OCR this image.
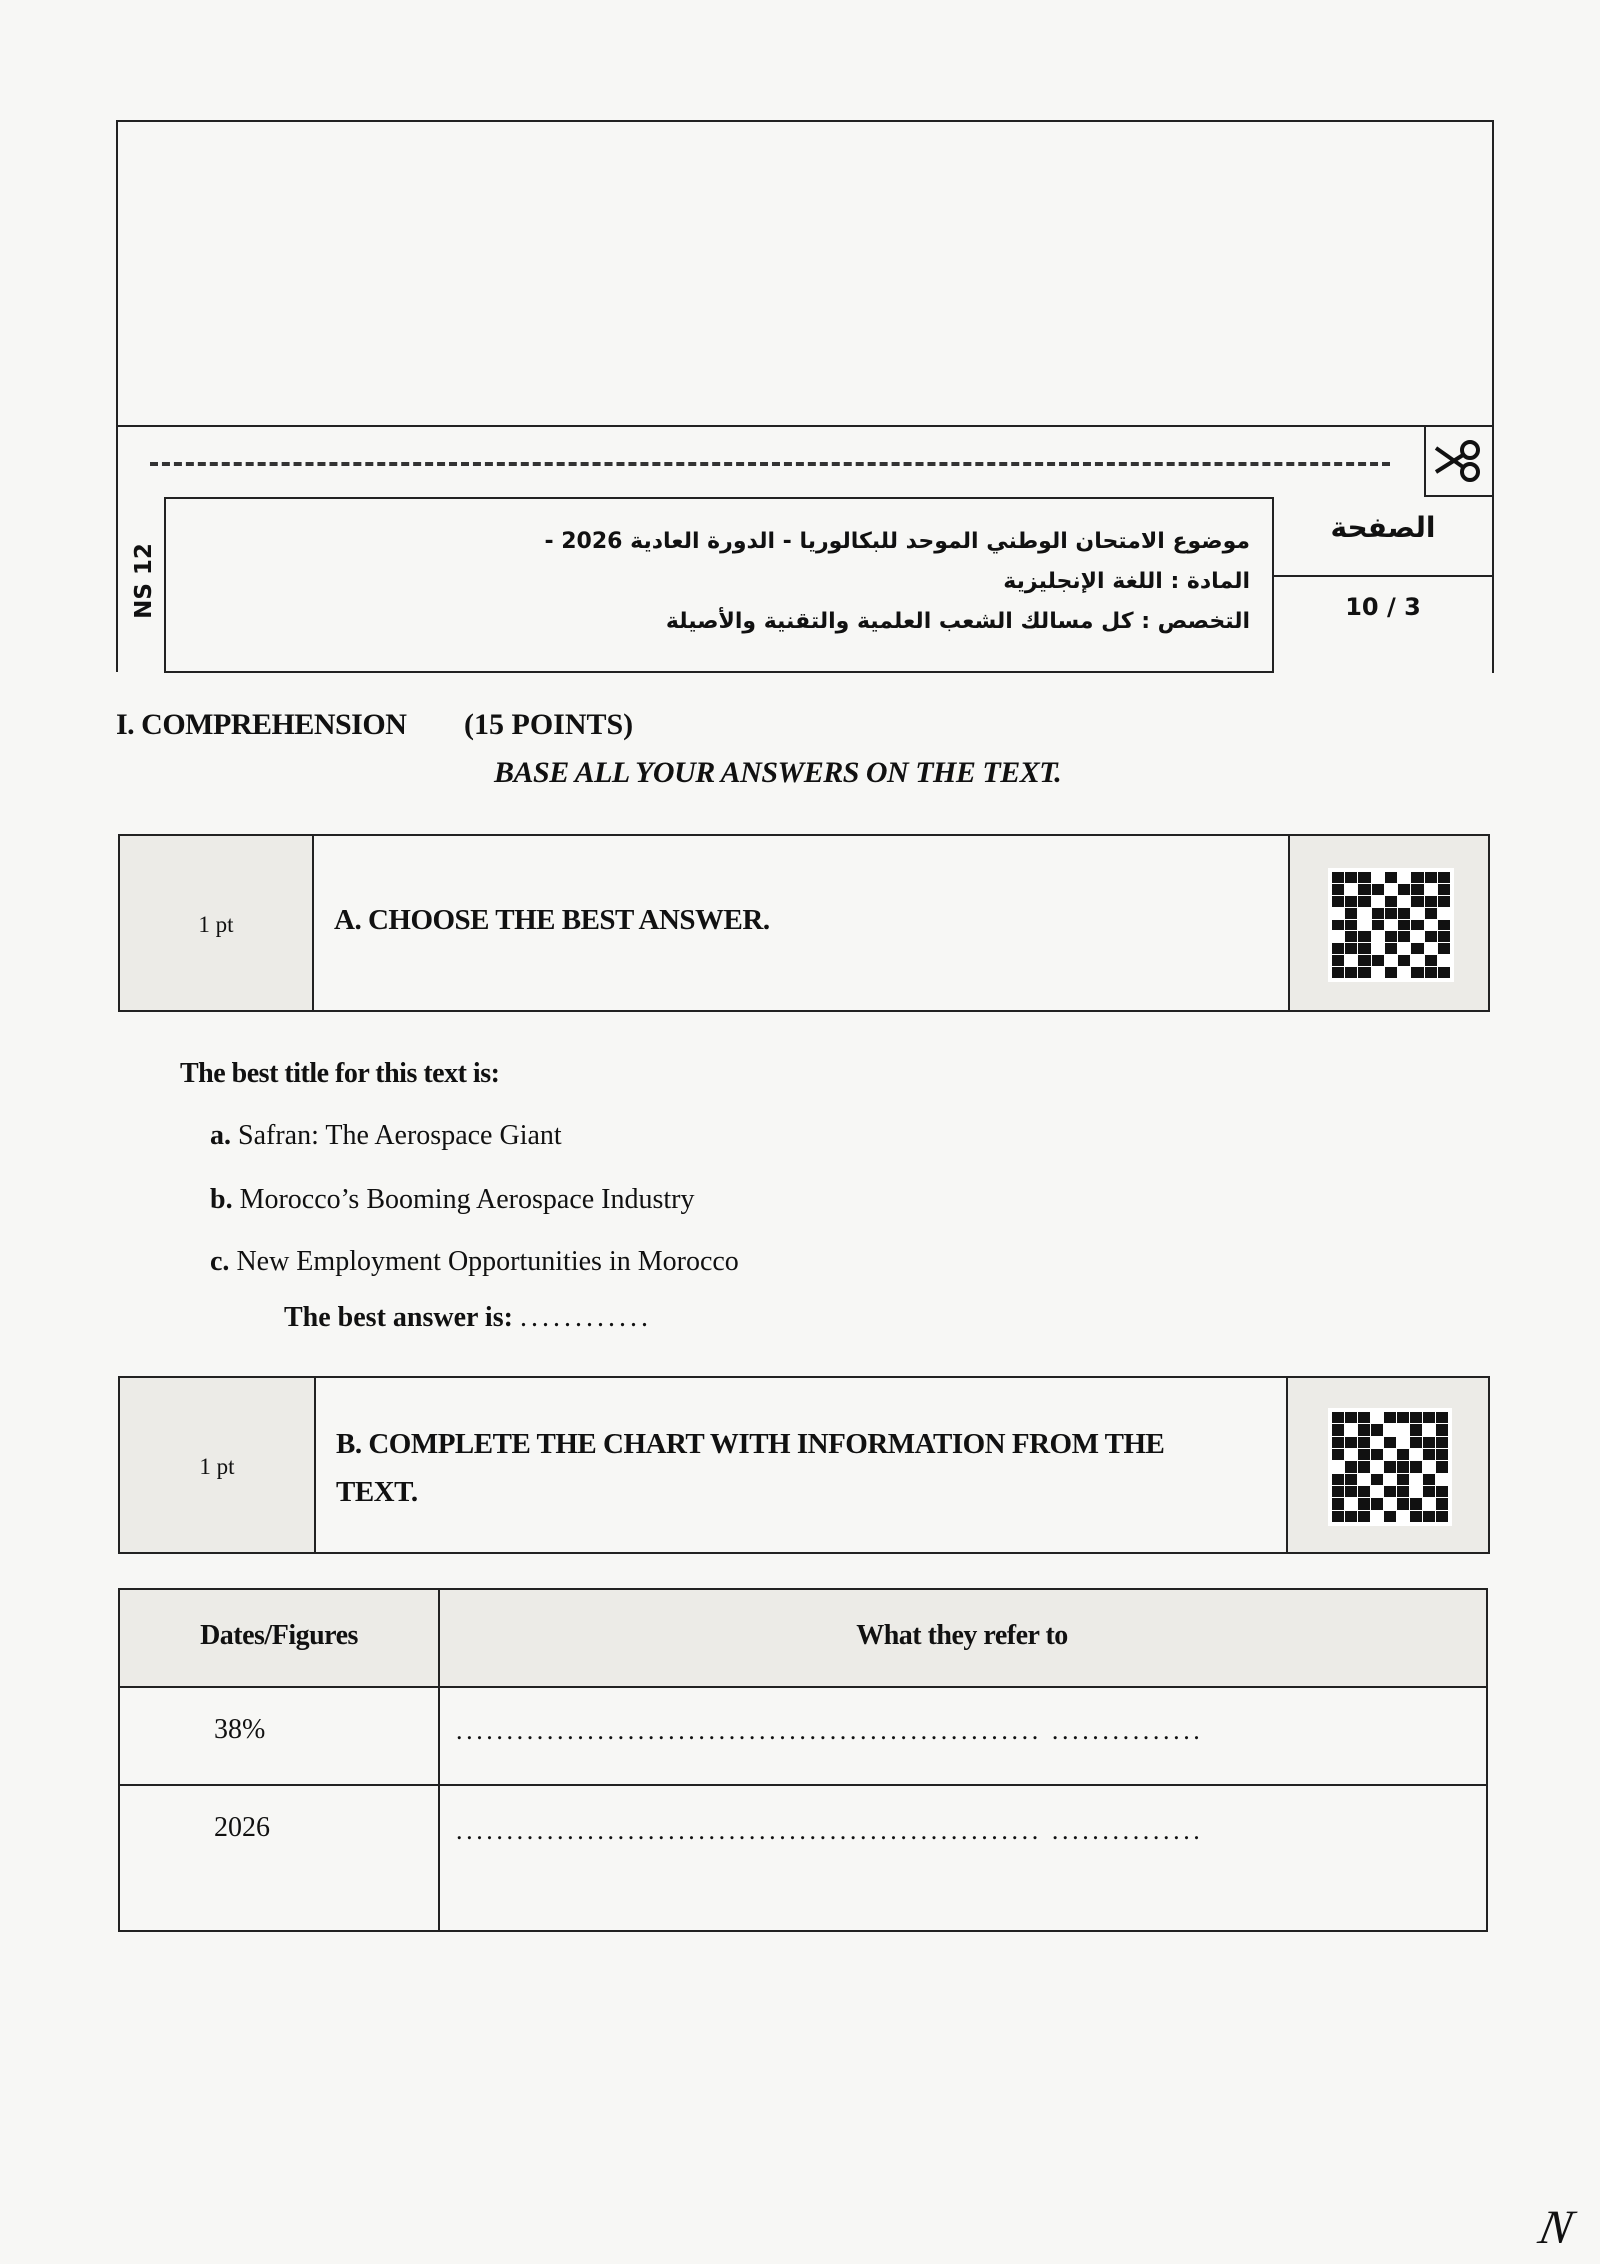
NS 12
موضوع الامتحان الوطني الموحد للبكالوريا - الدورة العادية 2026 -
المادة : اللغة الإنجليزية
التخصص : كل مسالك الشعب العلمية والتقنية والأصيلة
الصفحة
10 / 3
I. COMPREHENSION (15 POINTS)
BASE ALL YOUR ANSWERS ON THE TEXT.
1 pt	A. CHOOSE THE BEST ANSWER.
The best title for this text is:
a. Safran: The Aerospace Giant
b. Morocco’s Booming Aerospace Industry
c. New Employment Opportunities in Morocco
The best answer is: ............
1 pt
B. COMPLETE THE CHART WITH INFORMATION FROM THE
TEXT.
Dates/Figures	What they refer to
38%	.......................................................... ...............
2026	.......................................................... ...............
N
